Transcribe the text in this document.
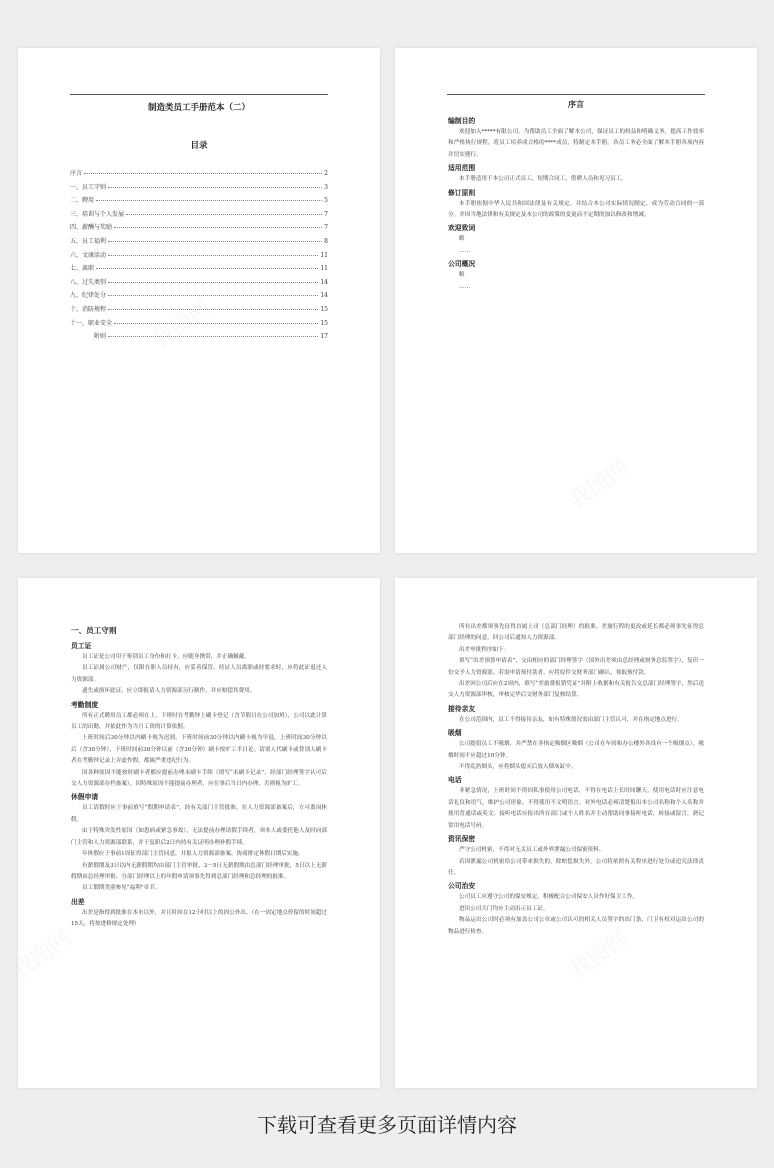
制造类员工手册范本（二）
目录
序言	2
一、员工守则	3
二、聘用	5
三、培训与个人发展	7
四、薪酬与奖励	7
五、员工福利	8
六、文康活动	11
七、离职	11
八、过失类别	14
九、纪律处分	14
十、消防规程	15
十一、职业安全	15
附则	17
序言
编制目的
欢迎加入*****有限公司。为帮助员工全面了解本公司，保证员工的权益和明确义务，提高工作效率和严格执行规程，将员工培养成合格的****成员，特制定本手册。各员工务必全面了解本手册各项内容并切实遵行。
适用范围
本手册适用于本公司正式员工，短期合同工，借聘人员和见习员工。
修订原则
本手册依据中华人民共和国法律及有关规定，并结合本公司实际情况制定，成为劳动合同的一部分。并因当地法律和有关规定及本公司的政策的变更而不定期的加以修改和增减。
欢迎致词
略
……
公司概况
略
……
一、员工守则
员工证
员工证是公司用于鉴别员工身份和打卡，应随身携带，并正确佩戴。
员工证属公司财产，仅限在职人员持有，应妥善保管，持证人员离职或经要求时，应将此证退还人力资源部。
遗失或损坏此证，应立即报请人力资源部另行制作，并应赔偿其费用。
考勤制度
所有正式聘用员工都必须在上，下班时在考勤钟上刷卡登记（含节假日在公司加班），公司以此计算员工的出勤，并依此作为当月工资的计算依据。
上班时间后30分钟以内刷卡视为迟到，下班时间前30分钟以内刷卡视为早退，上班时间30分钟以后（含30分钟），下班时间前30分钟以前（含30分钟）刷卡按旷工半日论。请别人代刷卡或替别人刷卡者在考勤钟记录上弄虚作假，都属严重违纪行为。
因各种原因不能按时刷卡者都应提前办理未刷卡手续（填写“未刷卡记录”，经部门经理签字认可后交人力资源部存档备案）。因特殊原因不能提前办理者，应在事后当日内办理，否则视为旷工。
休假申请
员工请假时应于事前填写“假期申请表”，经有关部门主管批准，在人力资源部备案后，方可离岗休假。
由于特殊突发性原因（如患病或紧急事故），无法提前办理请假手续者，须本人或委托他人及时向部门主管和人力资源部联系，并于复职后2日内持有关证明办理补假手续。
年休假应于事前1周征得部门主管同意，并报人力资源部备案，协商排定休假日期后实施。
有薪假期及3日以内无薪假期均由部门主管审批，3－5日无薪假期由总部门经理审批，5日以上无薪假期由总经理审批。分部门经理以上的年假申请须事先得到总部门经理和总经理的批准。
员工假期类别参见“福利”章节。
出差
出差是指得到批准在本市以外，并且时间在12小时以上的因公外出。（在一固定地点停留的时间超过15天，将按进修规定处理）
所有出差都须事先征得直属上司（总部门经理）的批准，差旅行程的更改或延长都必须事先征得总部门经理的同意，回公司后通知人力资源部。
出差申批程序如下：
填写“出差预算申请表”，交由相应的部门经理签字（国外出差须由总经理或财务总监签字），复印一份交予人力资源部。若需申请预付款者，应将原件交财务部门确认，领取预付款。
出差回公司后应在2周内，填写“差旅费报销凭证”并附上收据和有关报告交总部门经理签字，然后送交人力资源部审核，审核完毕后交财务部门复核结算。
接待亲友
在公司范围内，员工不得接待亲友，如有特殊情况需由部门主管认可，并在指定地点进行。
吸烟
公司提倡员工不吸烟，并严禁在非指定吸烟区吸烟（公司在车间和办公楼外各设有一个吸烟点）。吸烟时间不应超过10分钟。
不得乱扔烟头，应将烟头熄灭后放入烟灰缸中。
电话
非紧急情况，上班时间不得因私事使用公司电话，不得在电话上长时间聊天。使用电话时应注意电话礼仪和语气，维护公司形象，不得使用不文明语言。对外电话必须清楚报出本公司名称和个人名称并使用普通话或英文；接听电话应报出所在部门或个人姓名并主动帮助同事接听电话，转接或留言。熟记常用电话号码。
资讯保密
严守公司机密，不得对无关员工或外界泄漏公司保密资料。
若因泄漏公司机密给公司带来损失的，除赔偿损失外，公司将依照有关程序进行处分或追究法律责任。
公司治安
公司员工应遵守公司的保安规定，积极配合公司保安人员作好保卫工作。
进出公司大门均应主动出示员工证。
物品运出公司时必须有加盖公司公章或公司认可的相关人员签字的出门条，门卫有权对运出公司的物品进行检查。
下载可查看更多页面详情内容
